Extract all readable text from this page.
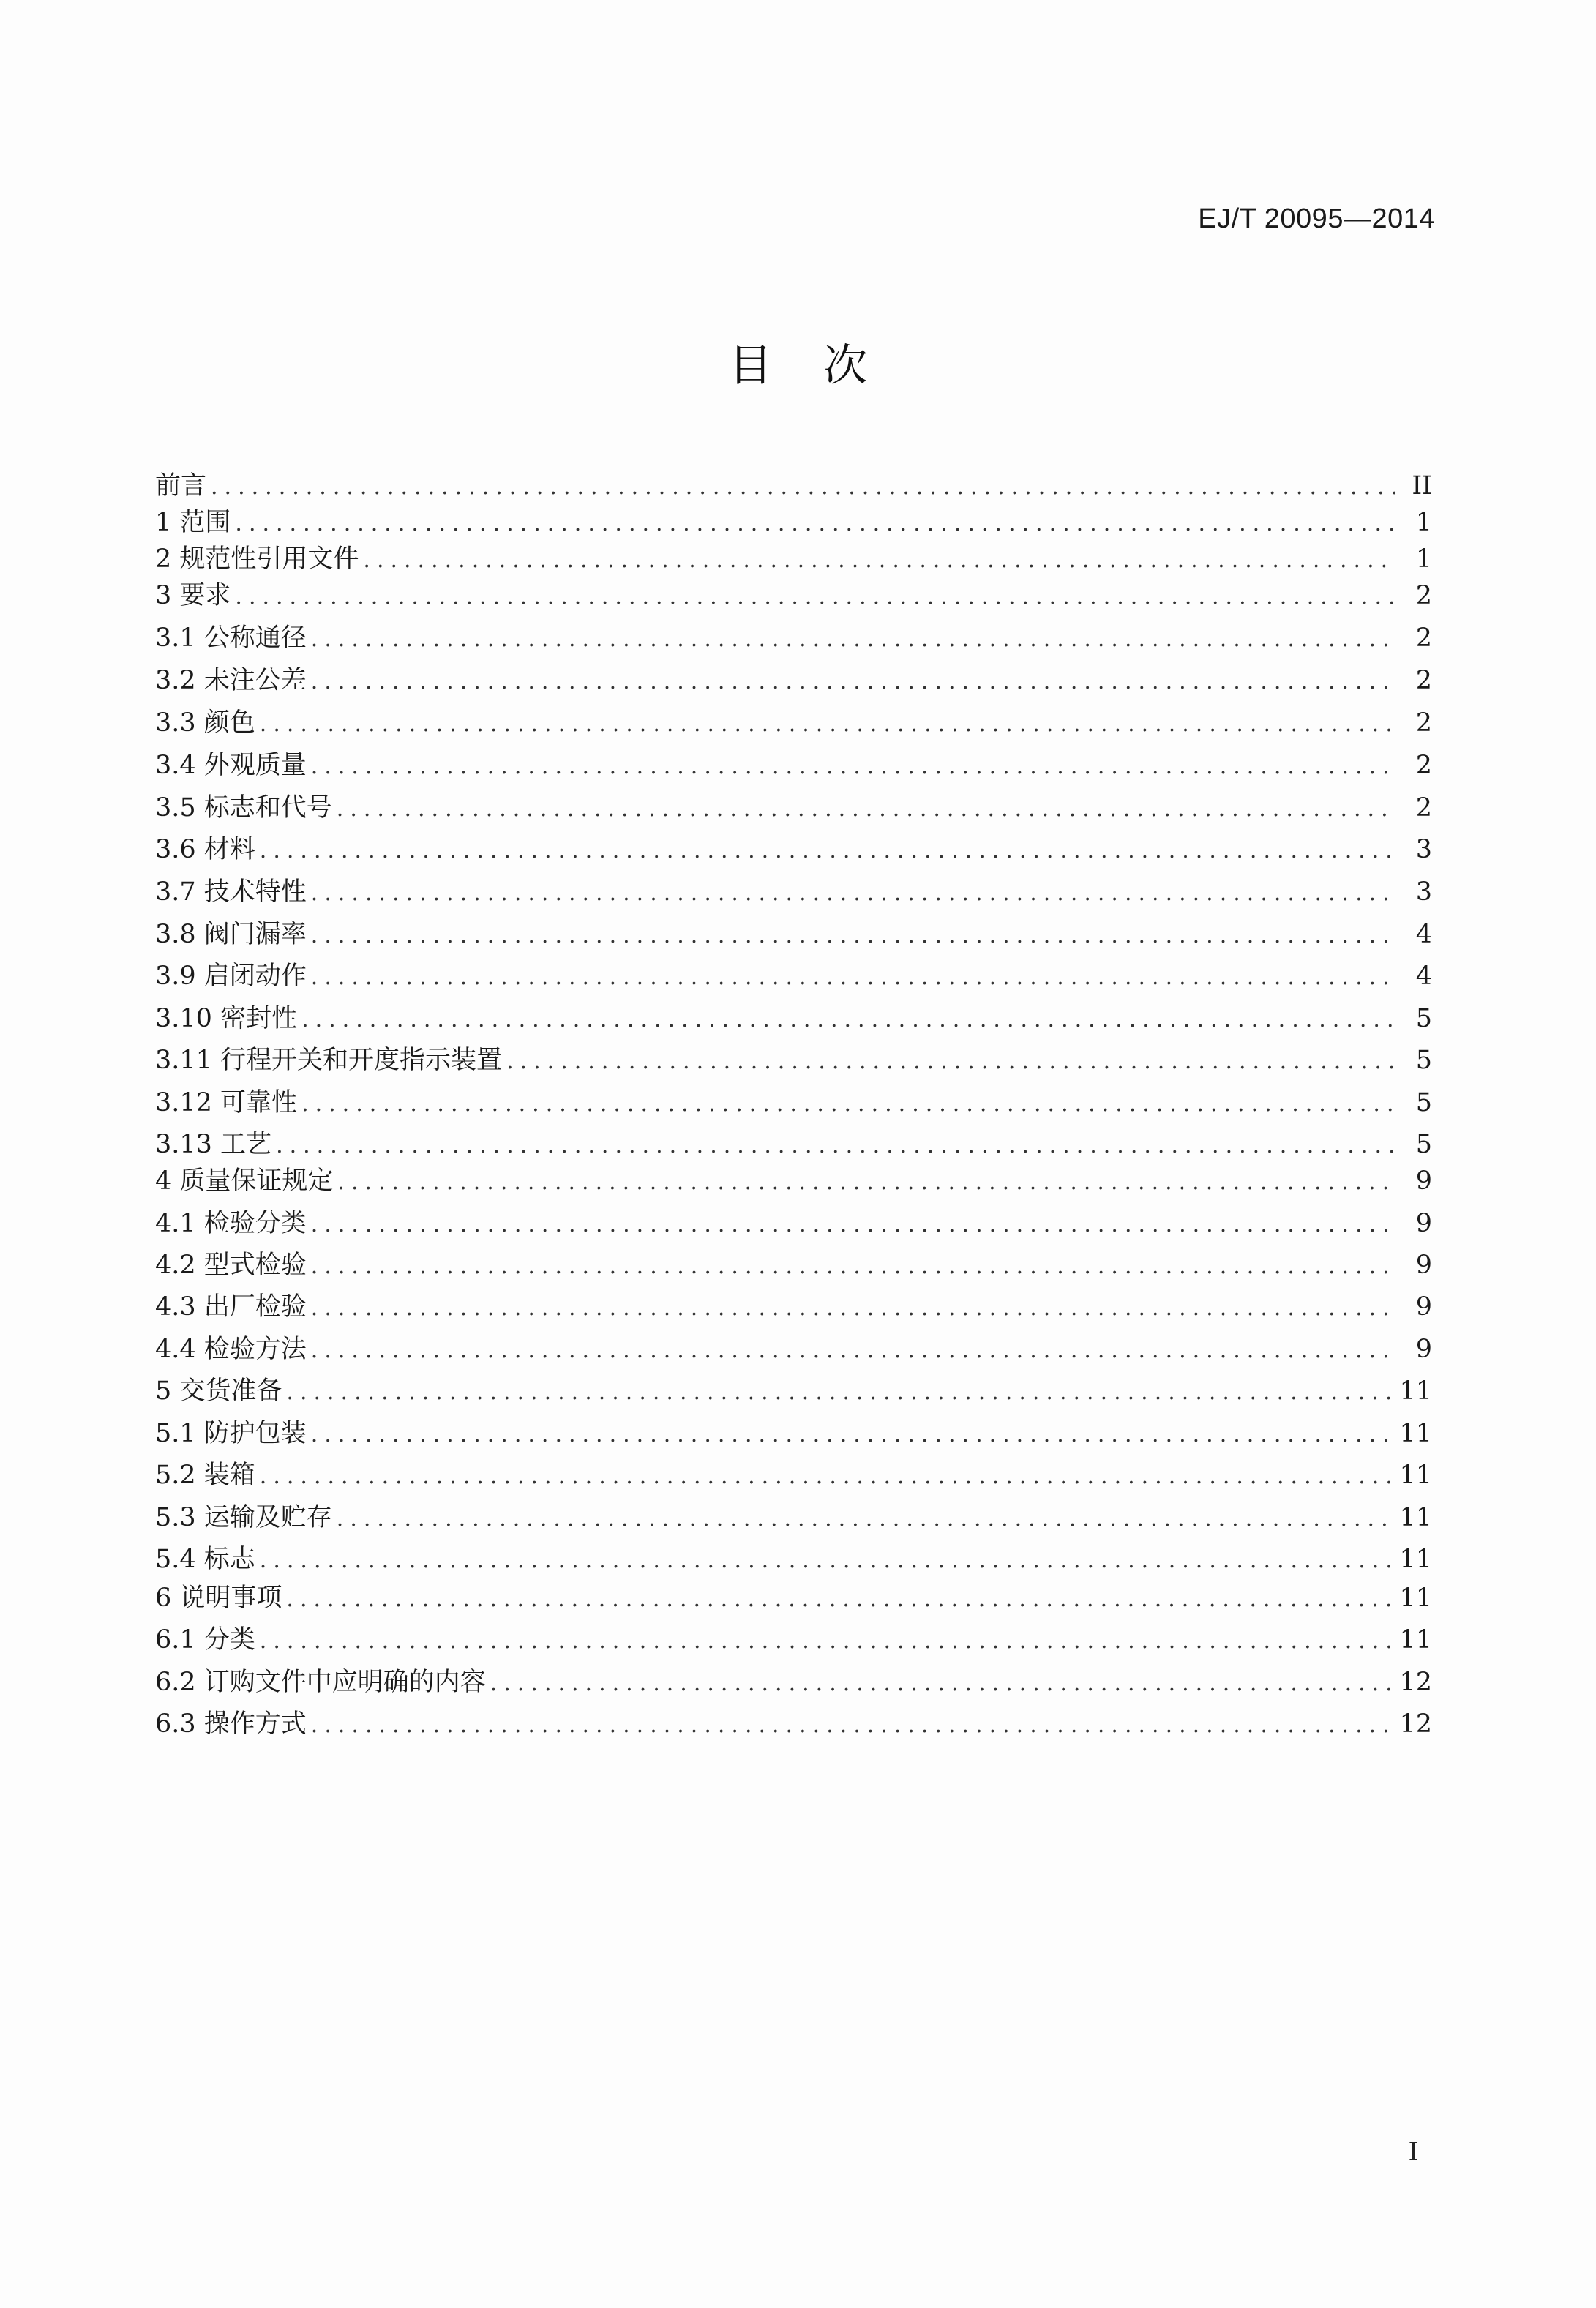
EJ/T 20095—2014
目次
前言 .....	II
1 范围 .....	1
2 规范性引用文件 .....	1
3 要求 .....	2
3.1 公称通径 .....	2
3.2 未注公差 .....	2
3.3 颜色 .....	2
3.4 外观质量 .....	2
3.5 标志和代号 .....	2
3.6 材料 .....	3
3.7 技术特性 .....	3
3.8 阀门漏率 .....	4
3.9 启闭动作 .....	4
3.10 密封性 .....	5
3.11 行程开关和开度指示装置 .....	5
3.12 可靠性 .....	5
3.13 工艺 .....	5
4 质量保证规定 .....	9
4.1 检验分类 .....	9
4.2 型式检验 .....	9
4.3 出厂检验 .....	9
4.4 检验方法 .....	9
5 交货准备 .....	11
5.1 防护包装 .....	11
5.2 装箱 .....	11
5.3 运输及贮存 .....	11
5.4 标志 .....	11
6 说明事项 .....	11
6.1 分类 .....	11
6.2 订购文件中应明确的内容 .....	12
6.3 操作方式 .....	12
I
